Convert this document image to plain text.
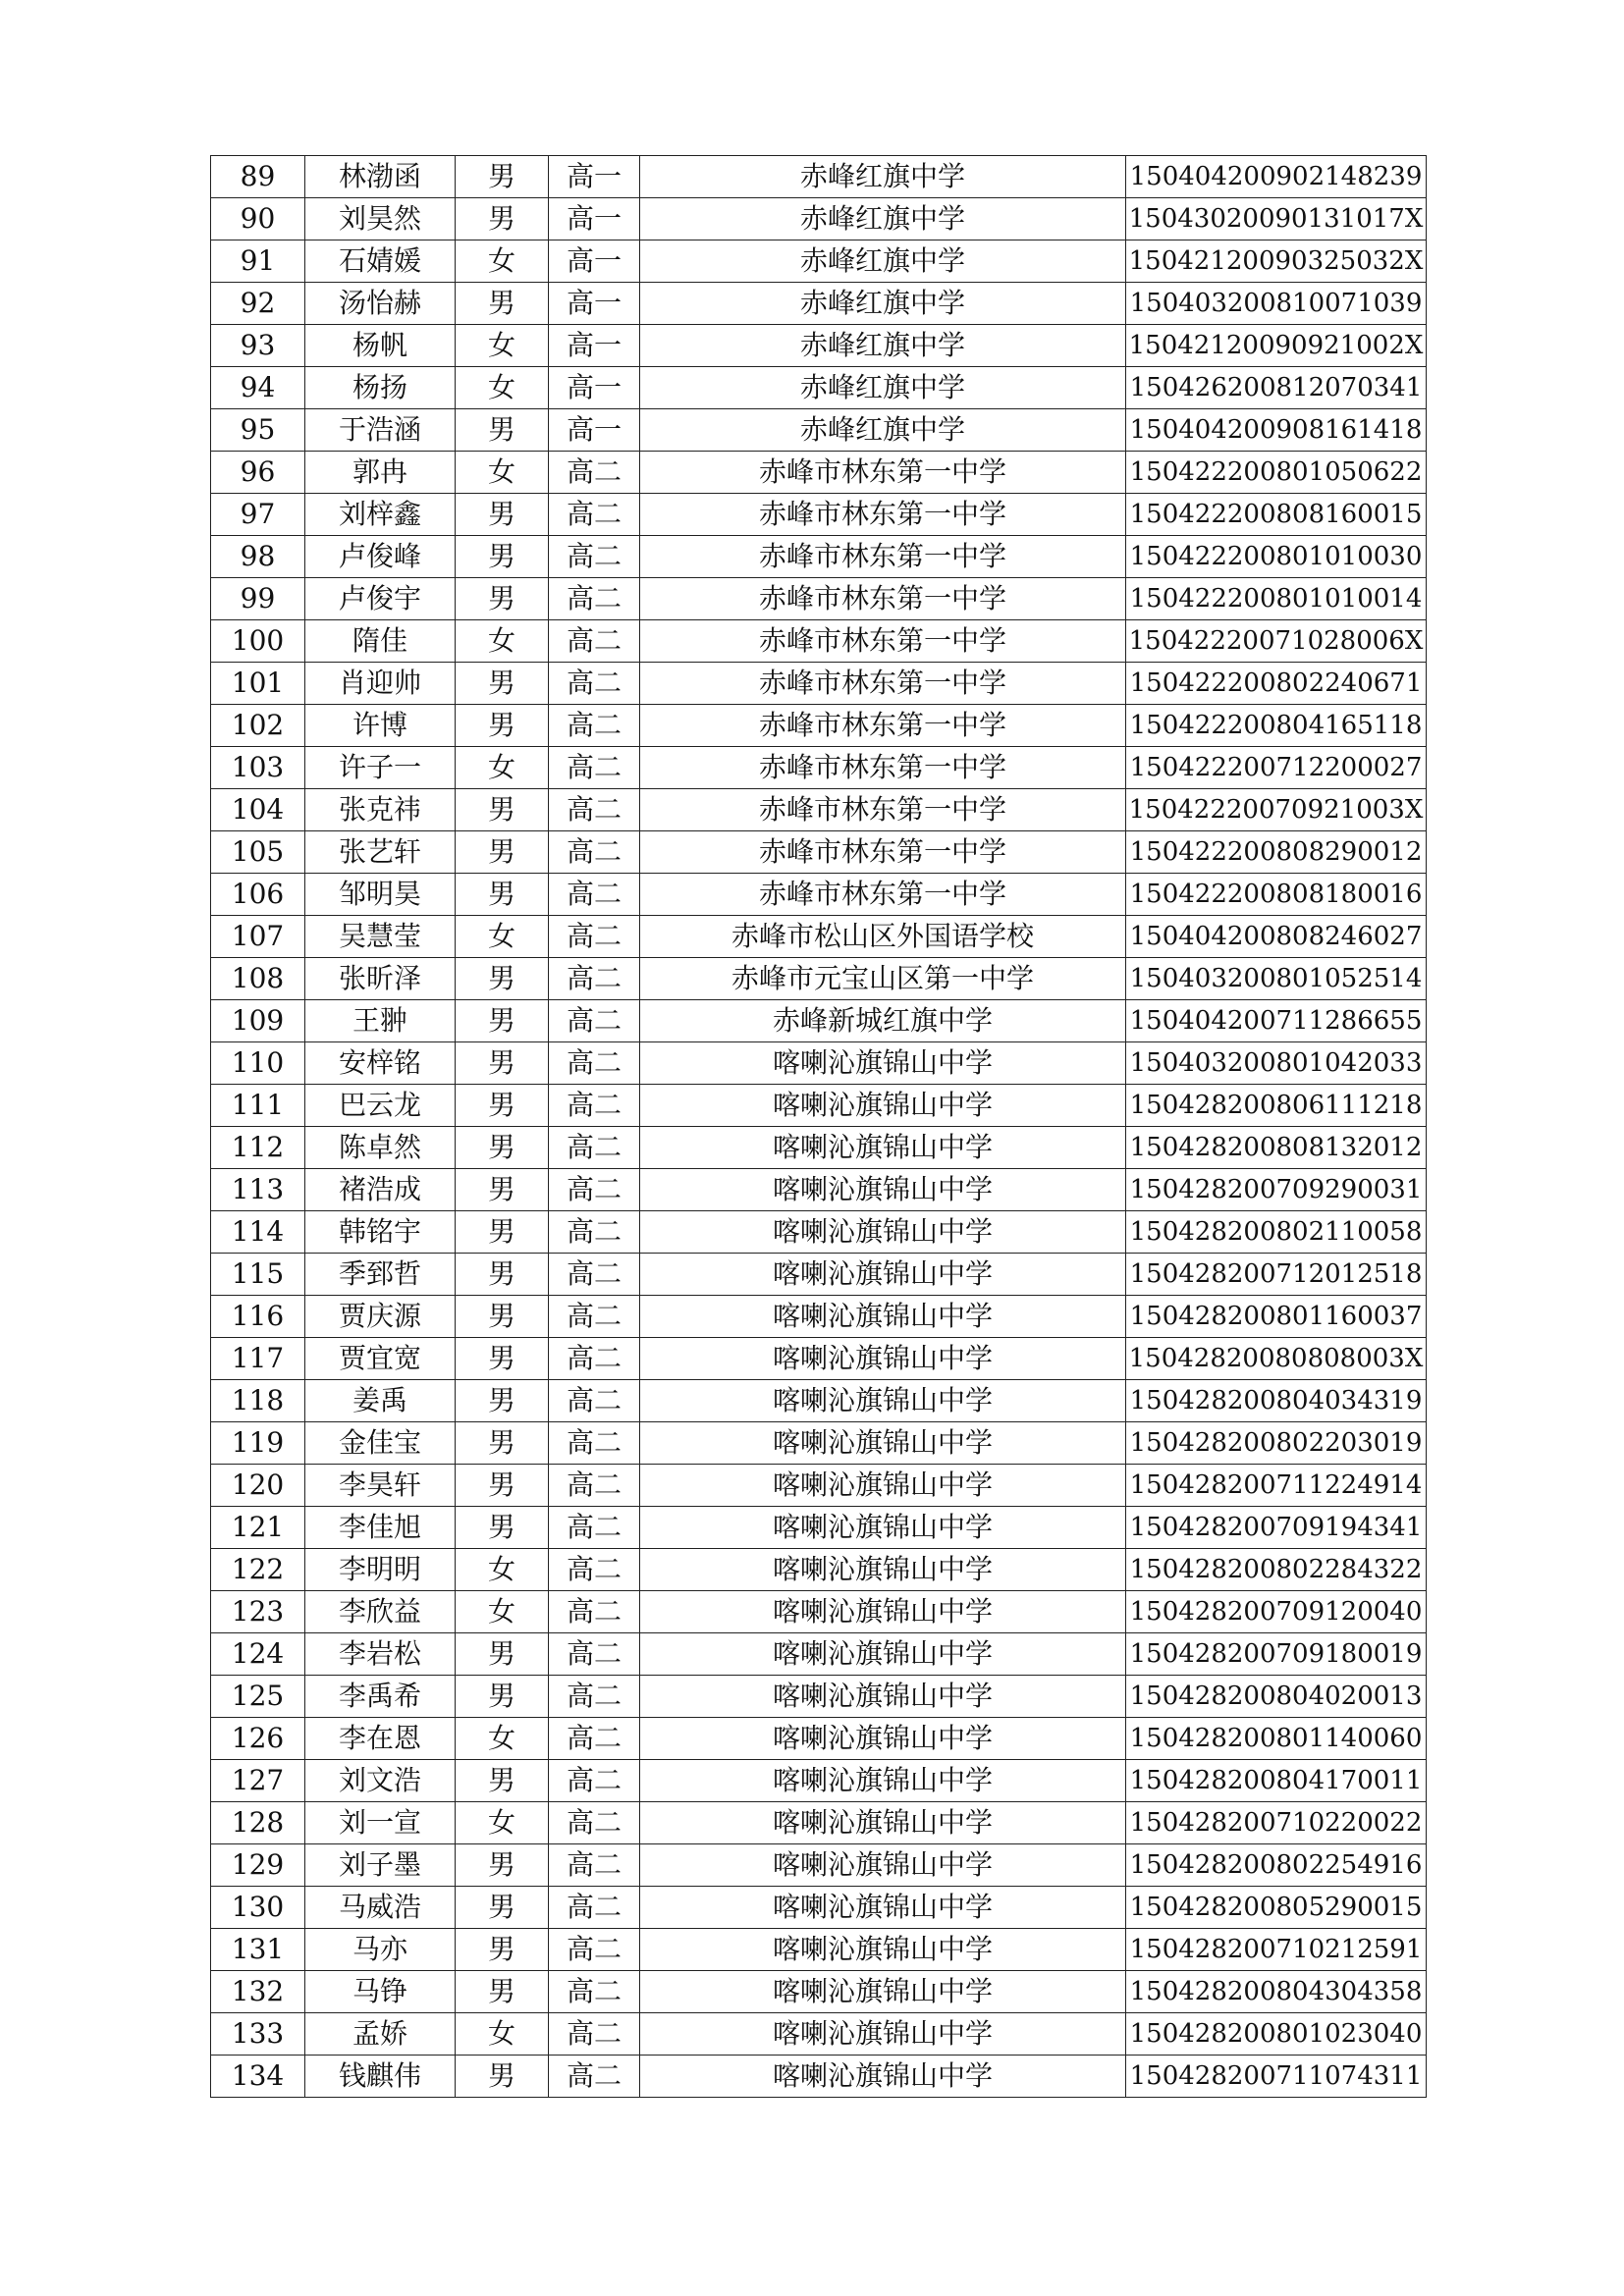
89	林渤函	男	高一	赤峰红旗中学	150404200902148239
90	刘昊然	男	高一	赤峰红旗中学	15043020090131017X
91	石婧媛	女	高一	赤峰红旗中学	15042120090325032X
92	汤怡赫	男	高一	赤峰红旗中学	150403200810071039
93	杨帆	女	高一	赤峰红旗中学	15042120090921002X
94	杨扬	女	高一	赤峰红旗中学	150426200812070341
95	于浩涵	男	高一	赤峰红旗中学	150404200908161418
96	郭冉	女	高二	赤峰市林东第一中学	150422200801050622
97	刘梓鑫	男	高二	赤峰市林东第一中学	150422200808160015
98	卢俊峰	男	高二	赤峰市林东第一中学	150422200801010030
99	卢俊宇	男	高二	赤峰市林东第一中学	150422200801010014
100	隋佳	女	高二	赤峰市林东第一中学	15042220071028006X
101	肖迎帅	男	高二	赤峰市林东第一中学	150422200802240671
102	许博	男	高二	赤峰市林东第一中学	150422200804165118
103	许子一	女	高二	赤峰市林东第一中学	150422200712200027
104	张克祎	男	高二	赤峰市林东第一中学	15042220070921003X
105	张艺轩	男	高二	赤峰市林东第一中学	150422200808290012
106	邹明昊	男	高二	赤峰市林东第一中学	150422200808180016
107	吴慧莹	女	高二	赤峰市松山区外国语学校	150404200808246027
108	张昕泽	男	高二	赤峰市元宝山区第一中学	150403200801052514
109	王翀	男	高二	赤峰新城红旗中学	150404200711286655
110	安梓铭	男	高二	喀喇沁旗锦山中学	150403200801042033
111	巴云龙	男	高二	喀喇沁旗锦山中学	150428200806111218
112	陈卓然	男	高二	喀喇沁旗锦山中学	150428200808132012
113	褚浩成	男	高二	喀喇沁旗锦山中学	150428200709290031
114	韩铭宇	男	高二	喀喇沁旗锦山中学	150428200802110058
115	季郅哲	男	高二	喀喇沁旗锦山中学	150428200712012518
116	贾庆源	男	高二	喀喇沁旗锦山中学	150428200801160037
117	贾宜宽	男	高二	喀喇沁旗锦山中学	15042820080808003X
118	姜禹	男	高二	喀喇沁旗锦山中学	150428200804034319
119	金佳宝	男	高二	喀喇沁旗锦山中学	150428200802203019
120	李昊轩	男	高二	喀喇沁旗锦山中学	150428200711224914
121	李佳旭	男	高二	喀喇沁旗锦山中学	150428200709194341
122	李明明	女	高二	喀喇沁旗锦山中学	150428200802284322
123	李欣益	女	高二	喀喇沁旗锦山中学	150428200709120040
124	李岩松	男	高二	喀喇沁旗锦山中学	150428200709180019
125	李禹希	男	高二	喀喇沁旗锦山中学	150428200804020013
126	李在恩	女	高二	喀喇沁旗锦山中学	150428200801140060
127	刘文浩	男	高二	喀喇沁旗锦山中学	150428200804170011
128	刘一宣	女	高二	喀喇沁旗锦山中学	150428200710220022
129	刘子墨	男	高二	喀喇沁旗锦山中学	150428200802254916
130	马威浩	男	高二	喀喇沁旗锦山中学	150428200805290015
131	马亦	男	高二	喀喇沁旗锦山中学	150428200710212591
132	马铮	男	高二	喀喇沁旗锦山中学	150428200804304358
133	孟娇	女	高二	喀喇沁旗锦山中学	150428200801023040
134	钱麒伟	男	高二	喀喇沁旗锦山中学	150428200711074311
